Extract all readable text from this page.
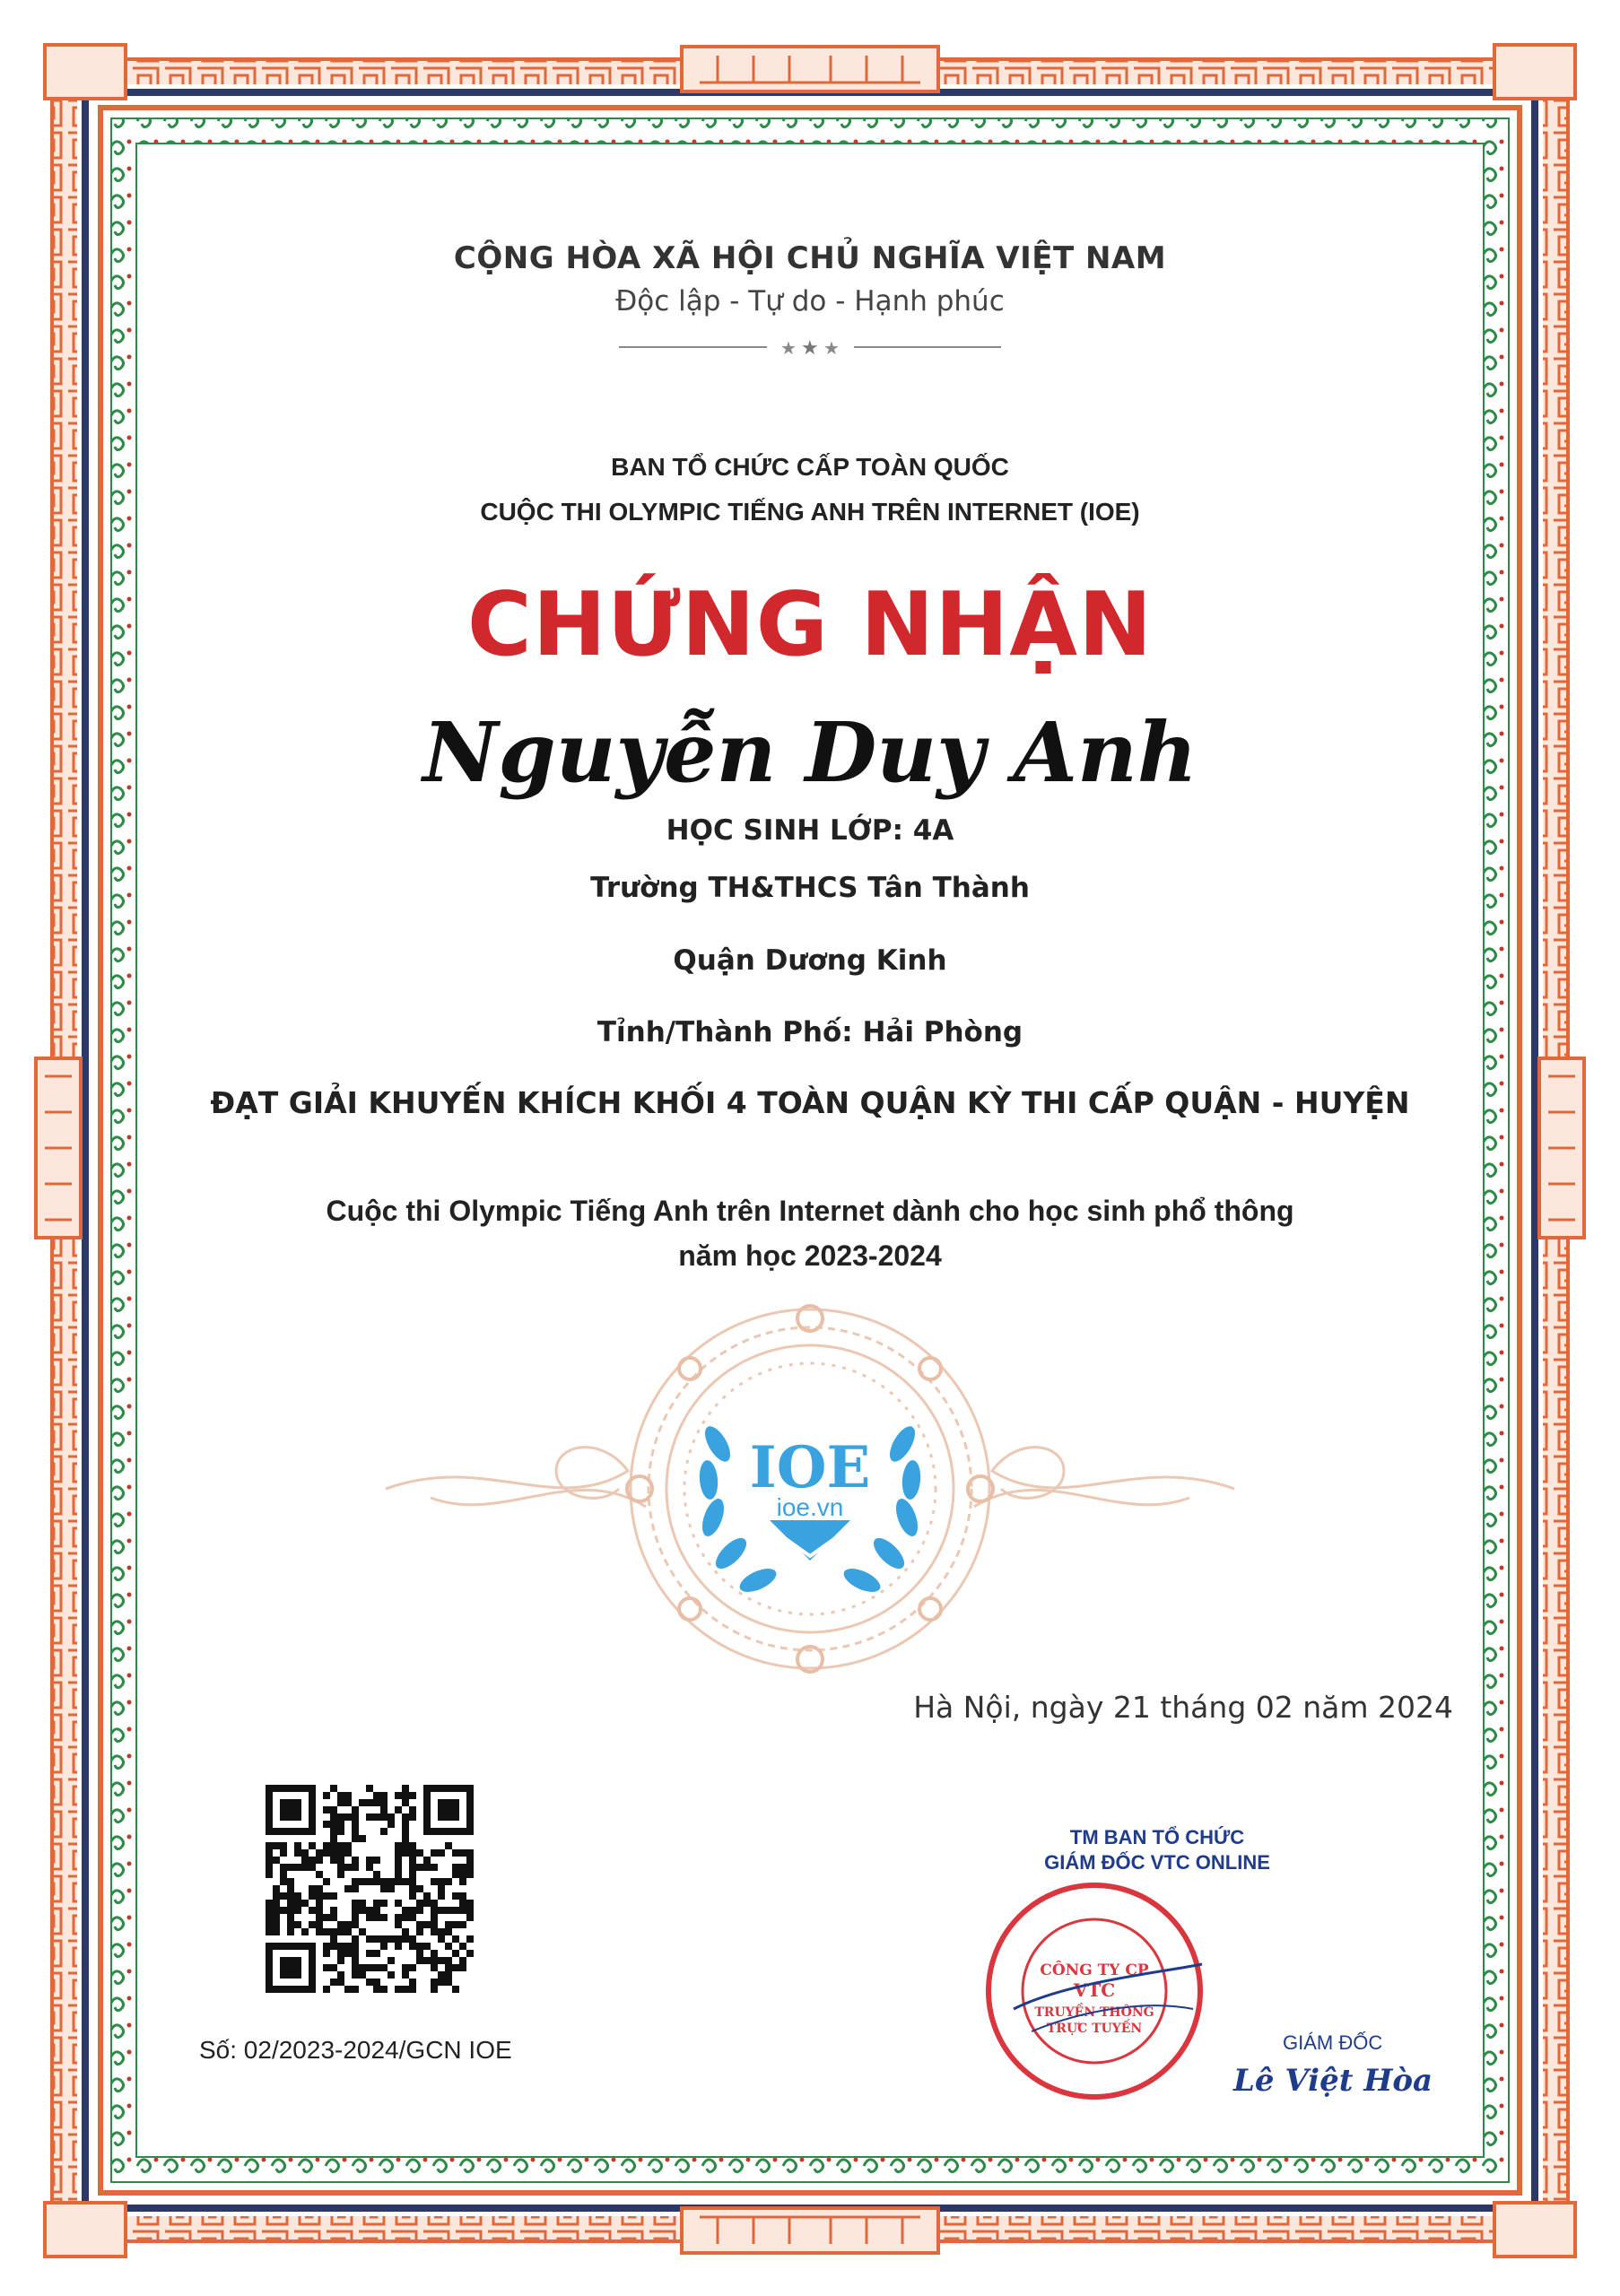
★ ★ ★
CỘNG HÒA XÃ HỘI CHỦ NGHĨA VIỆT NAM
Độc lập - Tự do - Hạnh phúc
BAN TỔ CHỨC CẤP TOÀN QUỐC
CUỘC THI OLYMPIC TIẾNG ANH TRÊN INTERNET (IOE)
CHỨNG NHẬN
Nguyễn Duy Anh
HỌC SINH LỚP: 4A
Trường TH&THCS Tân Thành
Quận Dương Kinh
Tỉnh/Thành Phố: Hải Phòng
ĐẠT GIẢI KHUYẾN KHÍCH KHỐI 4 TOÀN QUẬN KỲ THI CẤP QUẬN - HUYỆN
Cuộc thi Olympic Tiếng Anh trên Internet dành cho học sinh phổ thông
năm học 2023-2024
IOE
ioe.vn
Hà Nội, ngày 21 tháng 02 năm 2024
Số: 02/2023-2024/GCN IOE
TM BAN TỔ CHỨC
GIÁM ĐỐC VTC ONLINE
CÔNG TY CP
VTC
TRUYỀN THÔNG
TRỰC TUYẾN
GIÁM ĐỐC
Lê Việt Hòa
